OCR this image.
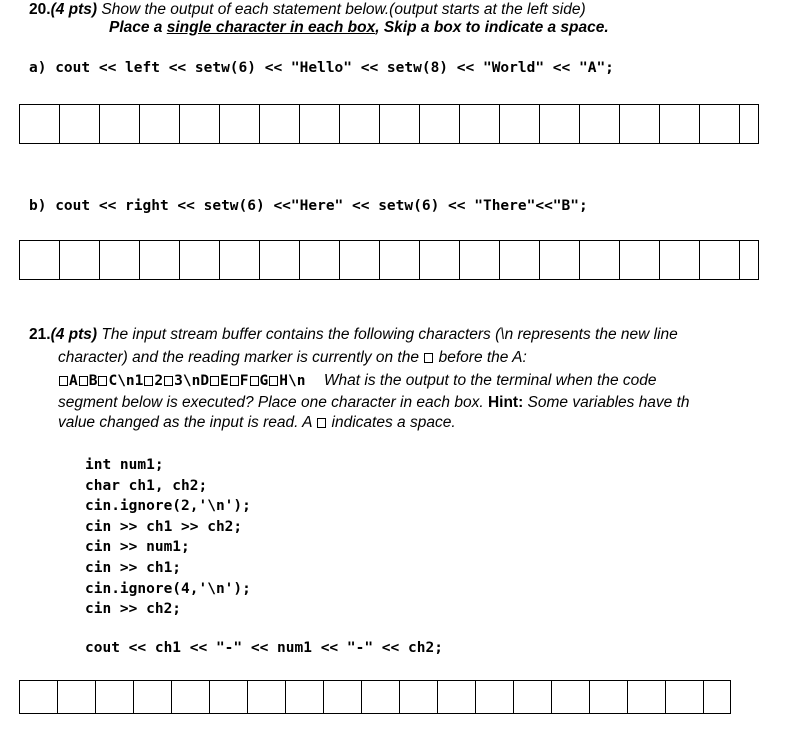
20.(4 pts) Show the output of each statement below.(output starts at the left side)
Place a single character in each box, Skip a box to indicate a space.
a) cout << left << setw(6) << "Hello" << setw(8) << "World" << "A";
b) cout << right << setw(6) <<"Here" << setw(6) << "There"<<"B";
21.(4 pts) The input stream buffer contains the following characters (\n represents the new line
character) and the reading marker is currently on the before the A:
A B C\n1 2 3\nD E F G H\n What is the output to the terminal when the code
segment below is executed? Place one character in each box. Hint: Some variables have th
value changed as the input is read. A indicates a space.
int num1;
char ch1, ch2;
cin.ignore(2,'\n');
cin >> ch1 >> ch2;
cin >> num1;
cin >> ch1;
cin.ignore(4,'\n');
cin >> ch2;
cout << ch1 << "-" << num1 << "-" << ch2;
